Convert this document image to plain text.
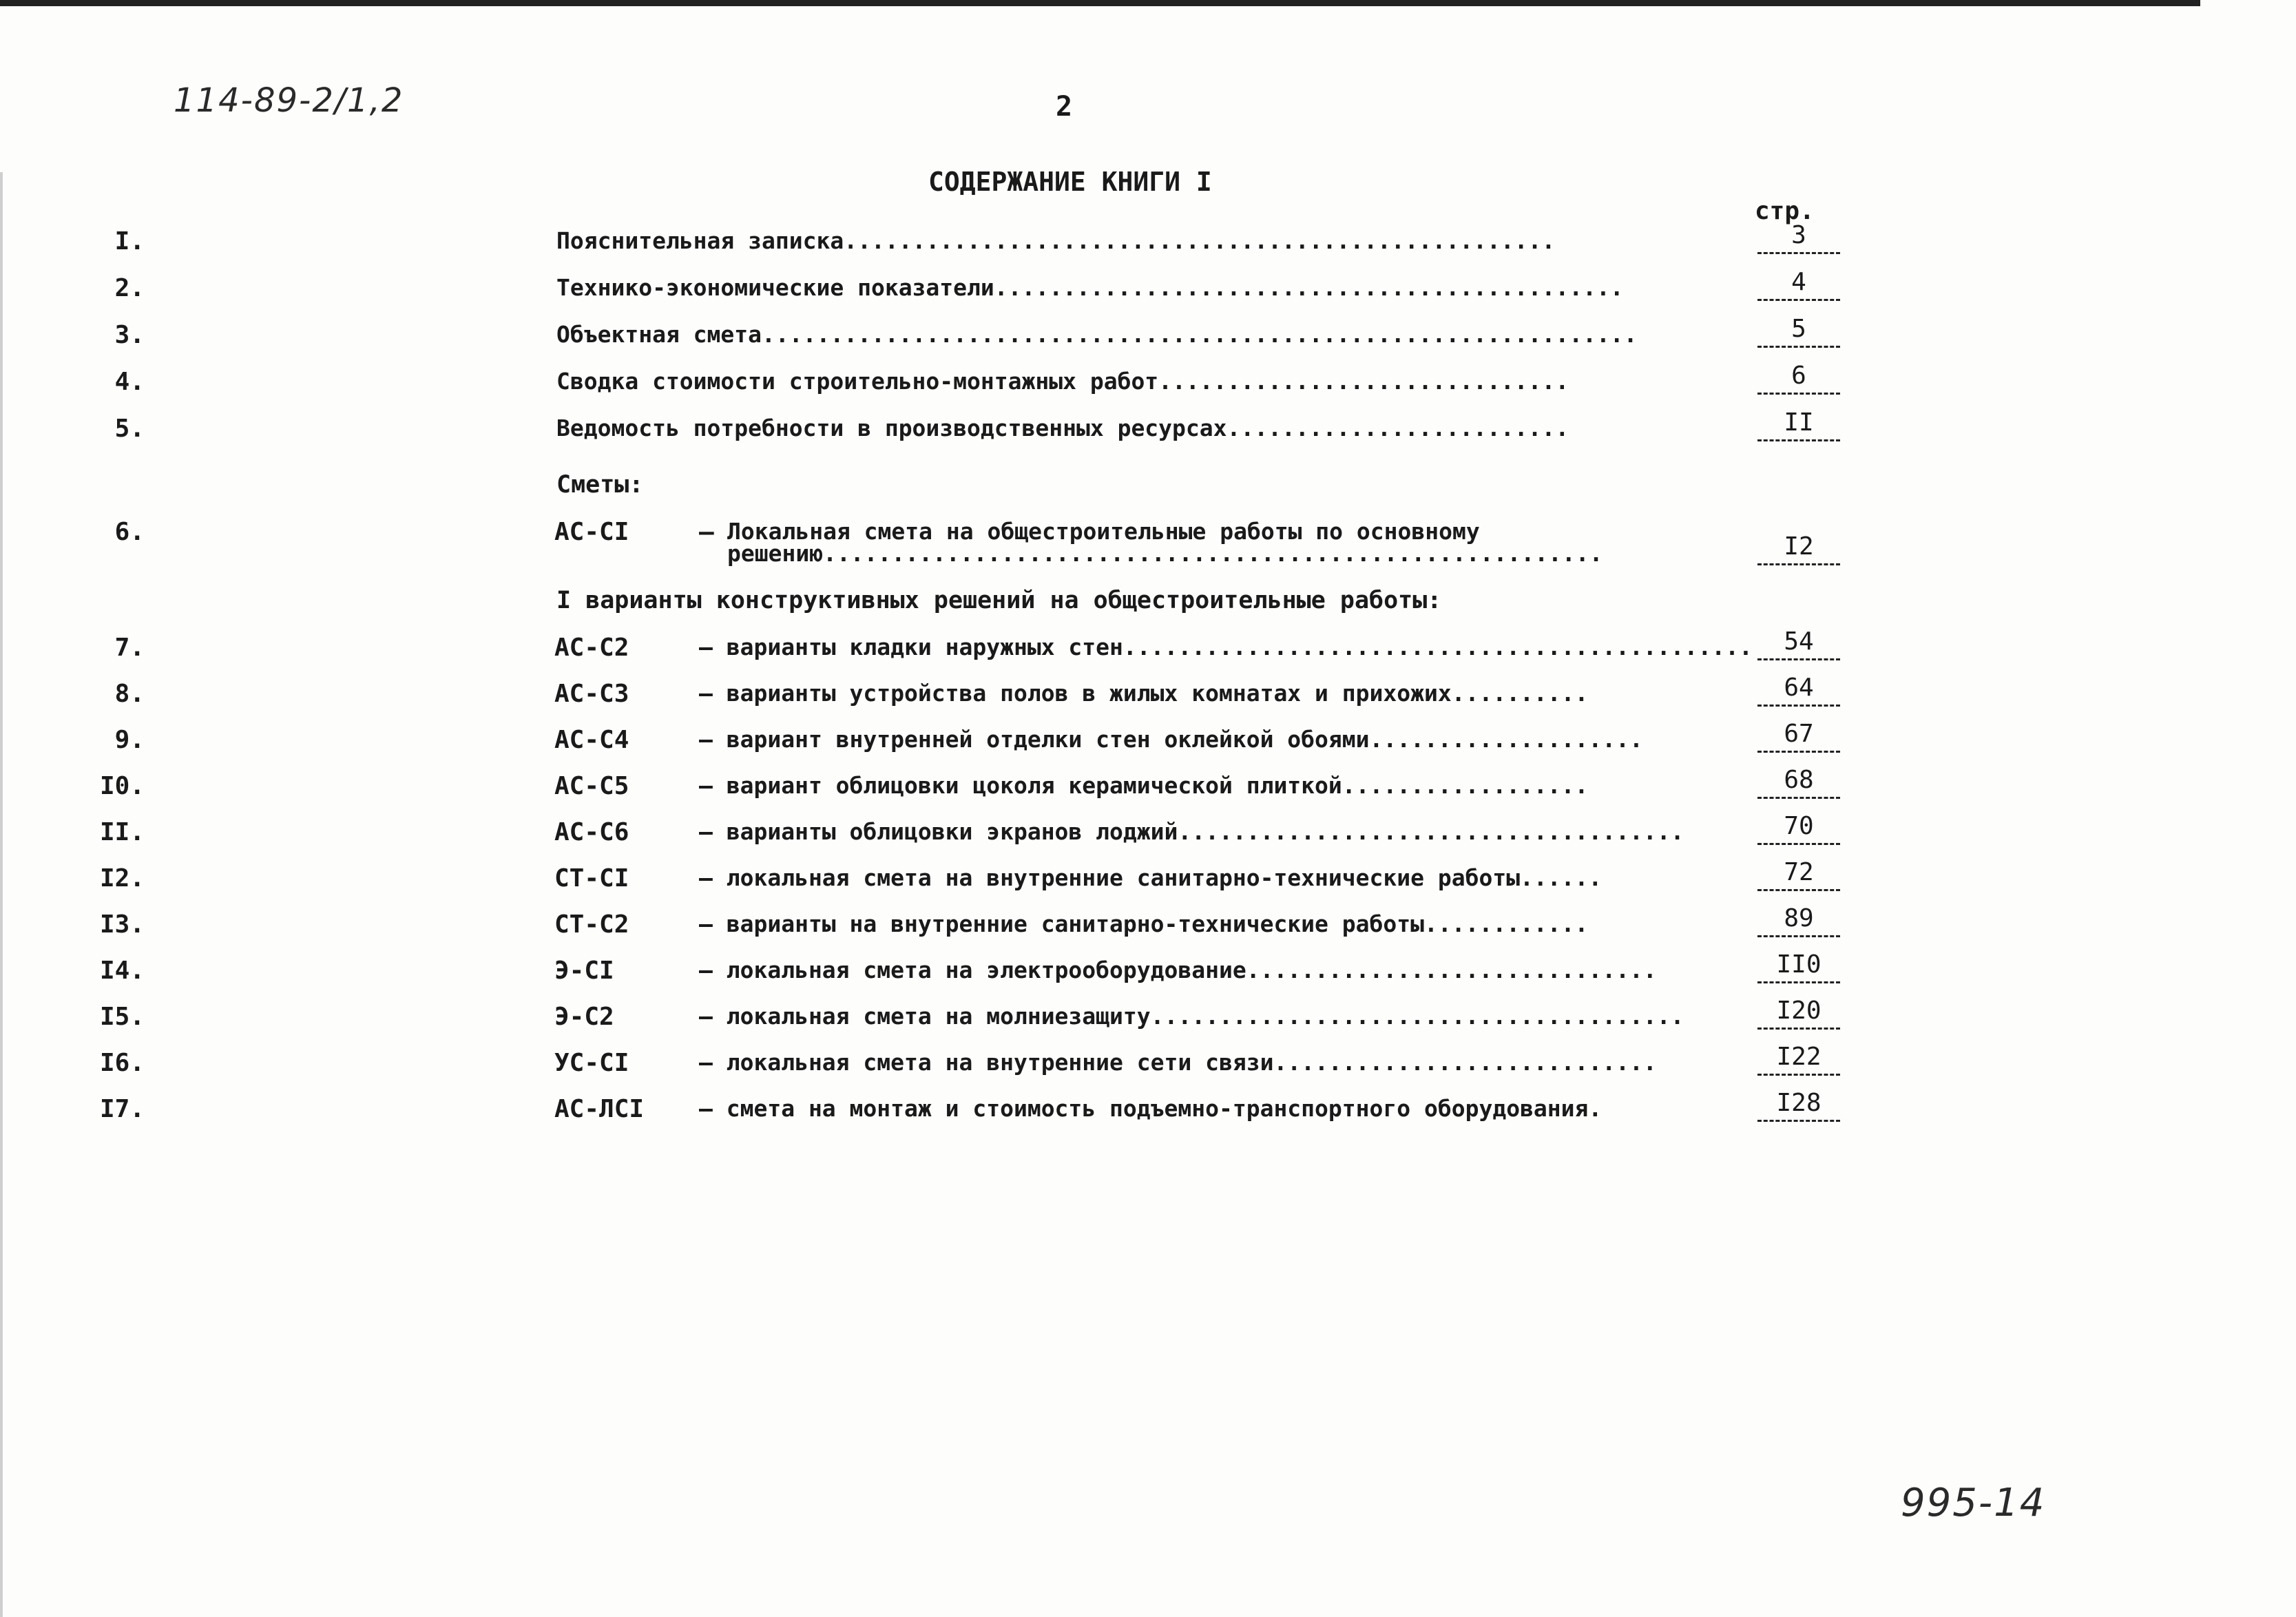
114-89-2/1,2	2
СОДЕРЖАНИЕ КНИГИ I
стр.
I.	Пояснительная записка....................................................	3
2.	Технико-экономические показатели..............................................	4
3.	Объектная смета................................................................	5
4.	Сводка стоимости строительно-монтажных работ..............................	6
5.	Ведомость потребности в производственных ресурсах.........................	II
Сметы:
6.	АС-СI	– Локальная смета на общестроительные работы по основному
решению.........................................................	I2
I варианты конструктивных решений на общестроительные работы:
7.	АС-С2	– варианты кладки наружных стен..............................................	54
8.	АС-С3	– варианты устройства полов в жилых комнатах и прихожих..........	64
9.	АС-С4	– вариант внутренней отделки стен оклейкой обоями....................	67
I0.	АС-С5	– вариант облицовки цоколя керамической плиткой..................	68
II.	АС-С6	– варианты облицовки экранов лоджий.....................................	70
I2.	СТ-СI	– локальная смета на внутренние санитарно-технические работы......	72
I3.	СТ-С2	– варианты на внутренние санитарно-технические работы............	89
I4.	Э-СI	– локальная смета на электрооборудование..............................	II0
I5.	Э-С2	– локальная смета на молниезащиту.......................................	I20
I6.	УС-СI	– локальная смета на внутренние сети связи............................	I22
I7.	АС-ЛСI – смета на монтаж и стоимость подъемно-транспортного оборудования.	I28
995-14
